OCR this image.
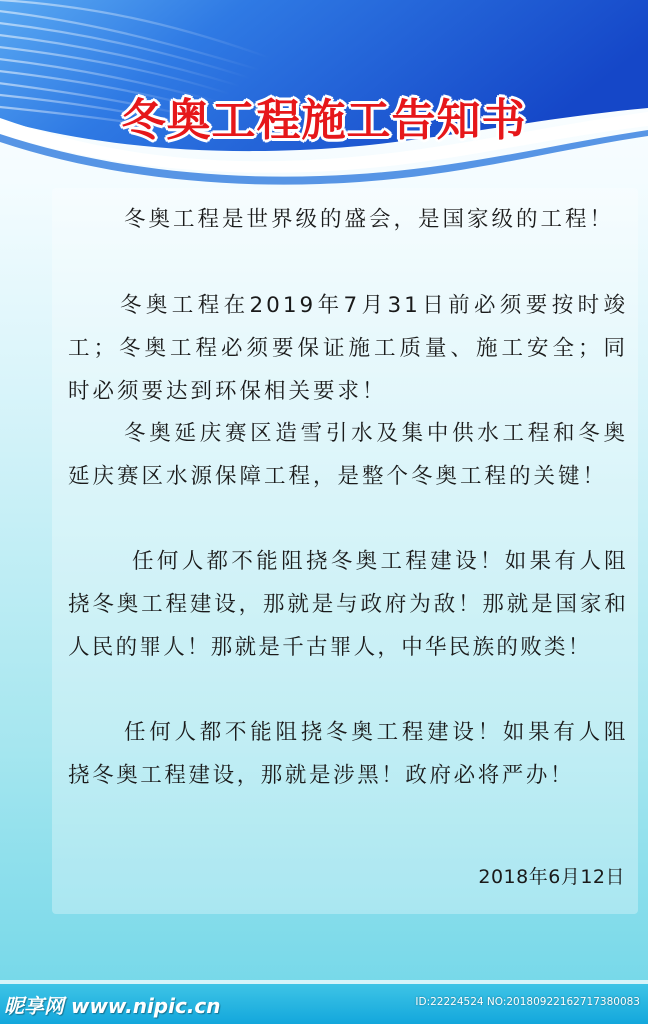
冬奥工程施工告知书

冬奥工程是世界级的盛会，是国家级的工程！

冬奥工程在2019年7月31日前必须要按时竣工；冬奥工程必须要保证施工质量、施工安全；同时必须要达到环保相关要求！

冬奥延庆赛区造雪引水及集中供水工程和冬奥延庆赛区水源保障工程，是整个冬奥工程的关键！

任何人都不能阻挠冬奥工程建设！如果有人阻挠冬奥工程建设，那就是与政府为敌！那就是国家和人民的罪人！那就是千古罪人，中华民族的败类！

任何人都不能阻挠冬奥工程建设！如果有人阻挠冬奥工程建设，那就是涉黑！政府必将严办！

2018年6月12日

昵享网 www.nipic.cn	ID:22224524 NO:20180922162717380083
